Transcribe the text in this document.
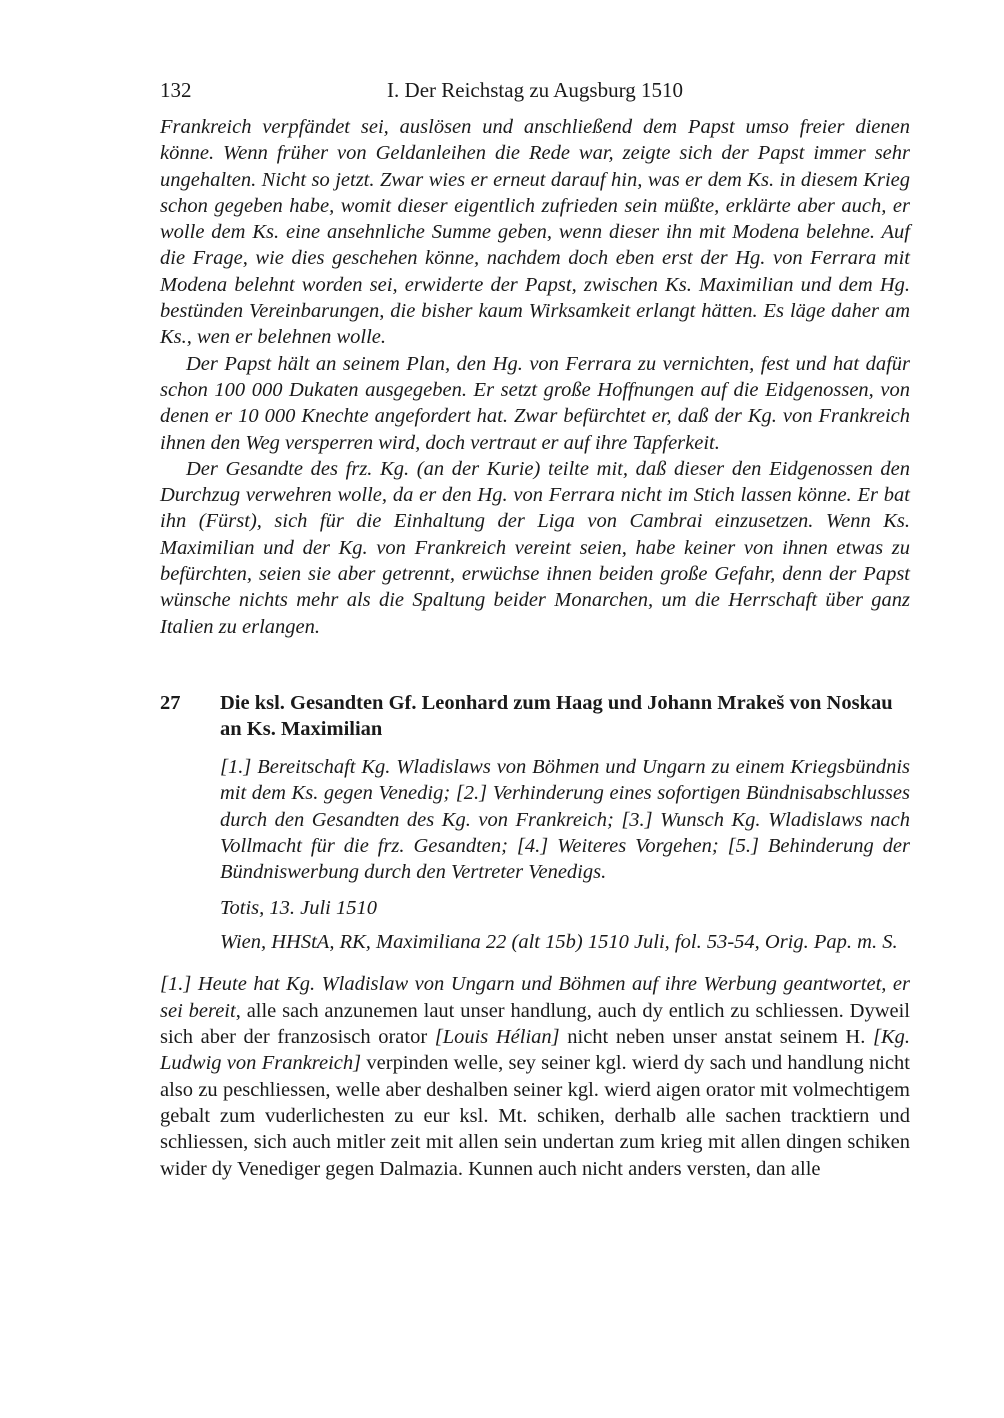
132	I. Der Reichstag zu Augsburg 1510

Frankreich verpfändet sei, auslösen und anschließend dem Papst umso freier dienen könne. Wenn früher von Geldanleihen die Rede war, zeigte sich der Papst immer sehr ungehalten. Nicht so jetzt. Zwar wies er erneut darauf hin, was er dem Ks. in diesem Krieg schon gegeben habe, womit dieser eigentlich zufrieden sein müßte, erklärte aber auch, er wolle dem Ks. eine ansehnliche Summe geben, wenn dieser ihn mit Modena belehne. Auf die Frage, wie dies geschehen könne, nachdem doch eben erst der Hg. von Ferrara mit Modena belehnt worden sei, erwiderte der Papst, zwischen Ks. Maximilian und dem Hg. bestünden Vereinbarungen, die bisher kaum Wirksamkeit erlangt hätten. Es läge daher am Ks., wen er belehnen wolle.

Der Papst hält an seinem Plan, den Hg. von Ferrara zu vernichten, fest und hat dafür schon 100 000 Dukaten ausgegeben. Er setzt große Hoffnungen auf die Eidgenossen, von denen er 10 000 Knechte angefordert hat. Zwar befürchtet er, daß der Kg. von Frankreich ihnen den Weg versperren wird, doch vertraut er auf ihre Tapferkeit.

Der Gesandte des frz. Kg. (an der Kurie) teilte mit, daß dieser den Eidgenossen den Durchzug verwehren wolle, da er den Hg. von Ferrara nicht im Stich lassen könne. Er bat ihn (Fürst), sich für die Einhaltung der Liga von Cambrai einzusetzen. Wenn Ks. Maximilian und der Kg. von Frankreich vereint seien, habe keiner von ihnen etwas zu befürchten, seien sie aber getrennt, erwüchse ihnen beiden große Gefahr, denn der Papst wünsche nichts mehr als die Spaltung beider Monarchen, um die Herrschaft über ganz Italien zu erlangen.

27 Die ksl. Gesandten Gf. Leonhard zum Haag und Johann Mrakeš von Noskau an Ks. Maximilian

[1.] Bereitschaft Kg. Wladislaws von Böhmen und Ungarn zu einem Kriegsbündnis mit dem Ks. gegen Venedig; [2.] Verhinderung eines sofortigen Bündnisabschlusses durch den Gesandten des Kg. von Frankreich; [3.] Wunsch Kg. Wladislaws nach Vollmacht für die frz. Gesandten; [4.] Weiteres Vorgehen; [5.] Behinderung der Bündniswerbung durch den Vertreter Venedigs.

Totis, 13. Juli 1510
Wien, HHStA, RK, Maximiliana 22 (alt 15b) 1510 Juli, fol. 53-54, Orig. Pap. m. S.

[1.] Heute hat Kg. Wladislaw von Ungarn und Böhmen auf ihre Werbung geantwortet, er sei bereit, alle sach anzunemen laut unser handlung, auch dy entlich zu schliessen. Dyweil sich aber der franzosisch orator [Louis Hélian] nicht neben unser anstat seinem H. [Kg. Ludwig von Frankreich] verpinden welle, sey seiner kgl. wierd dy sach und handlung nicht also zu peschliessen, welle aber deshalben seiner kgl. wierd aigen orator mit volmechtigem gebalt zum vuderlichesten zu eur ksl. Mt. schiken, derhalb alle sachen tracktiern und schliessen, sich auch mitler zeit mit allen sein undertan zum krieg mit allen dingen schiken wider dy Venediger gegen Dalmazia. Kunnen auch nicht anders versten, dan alle
